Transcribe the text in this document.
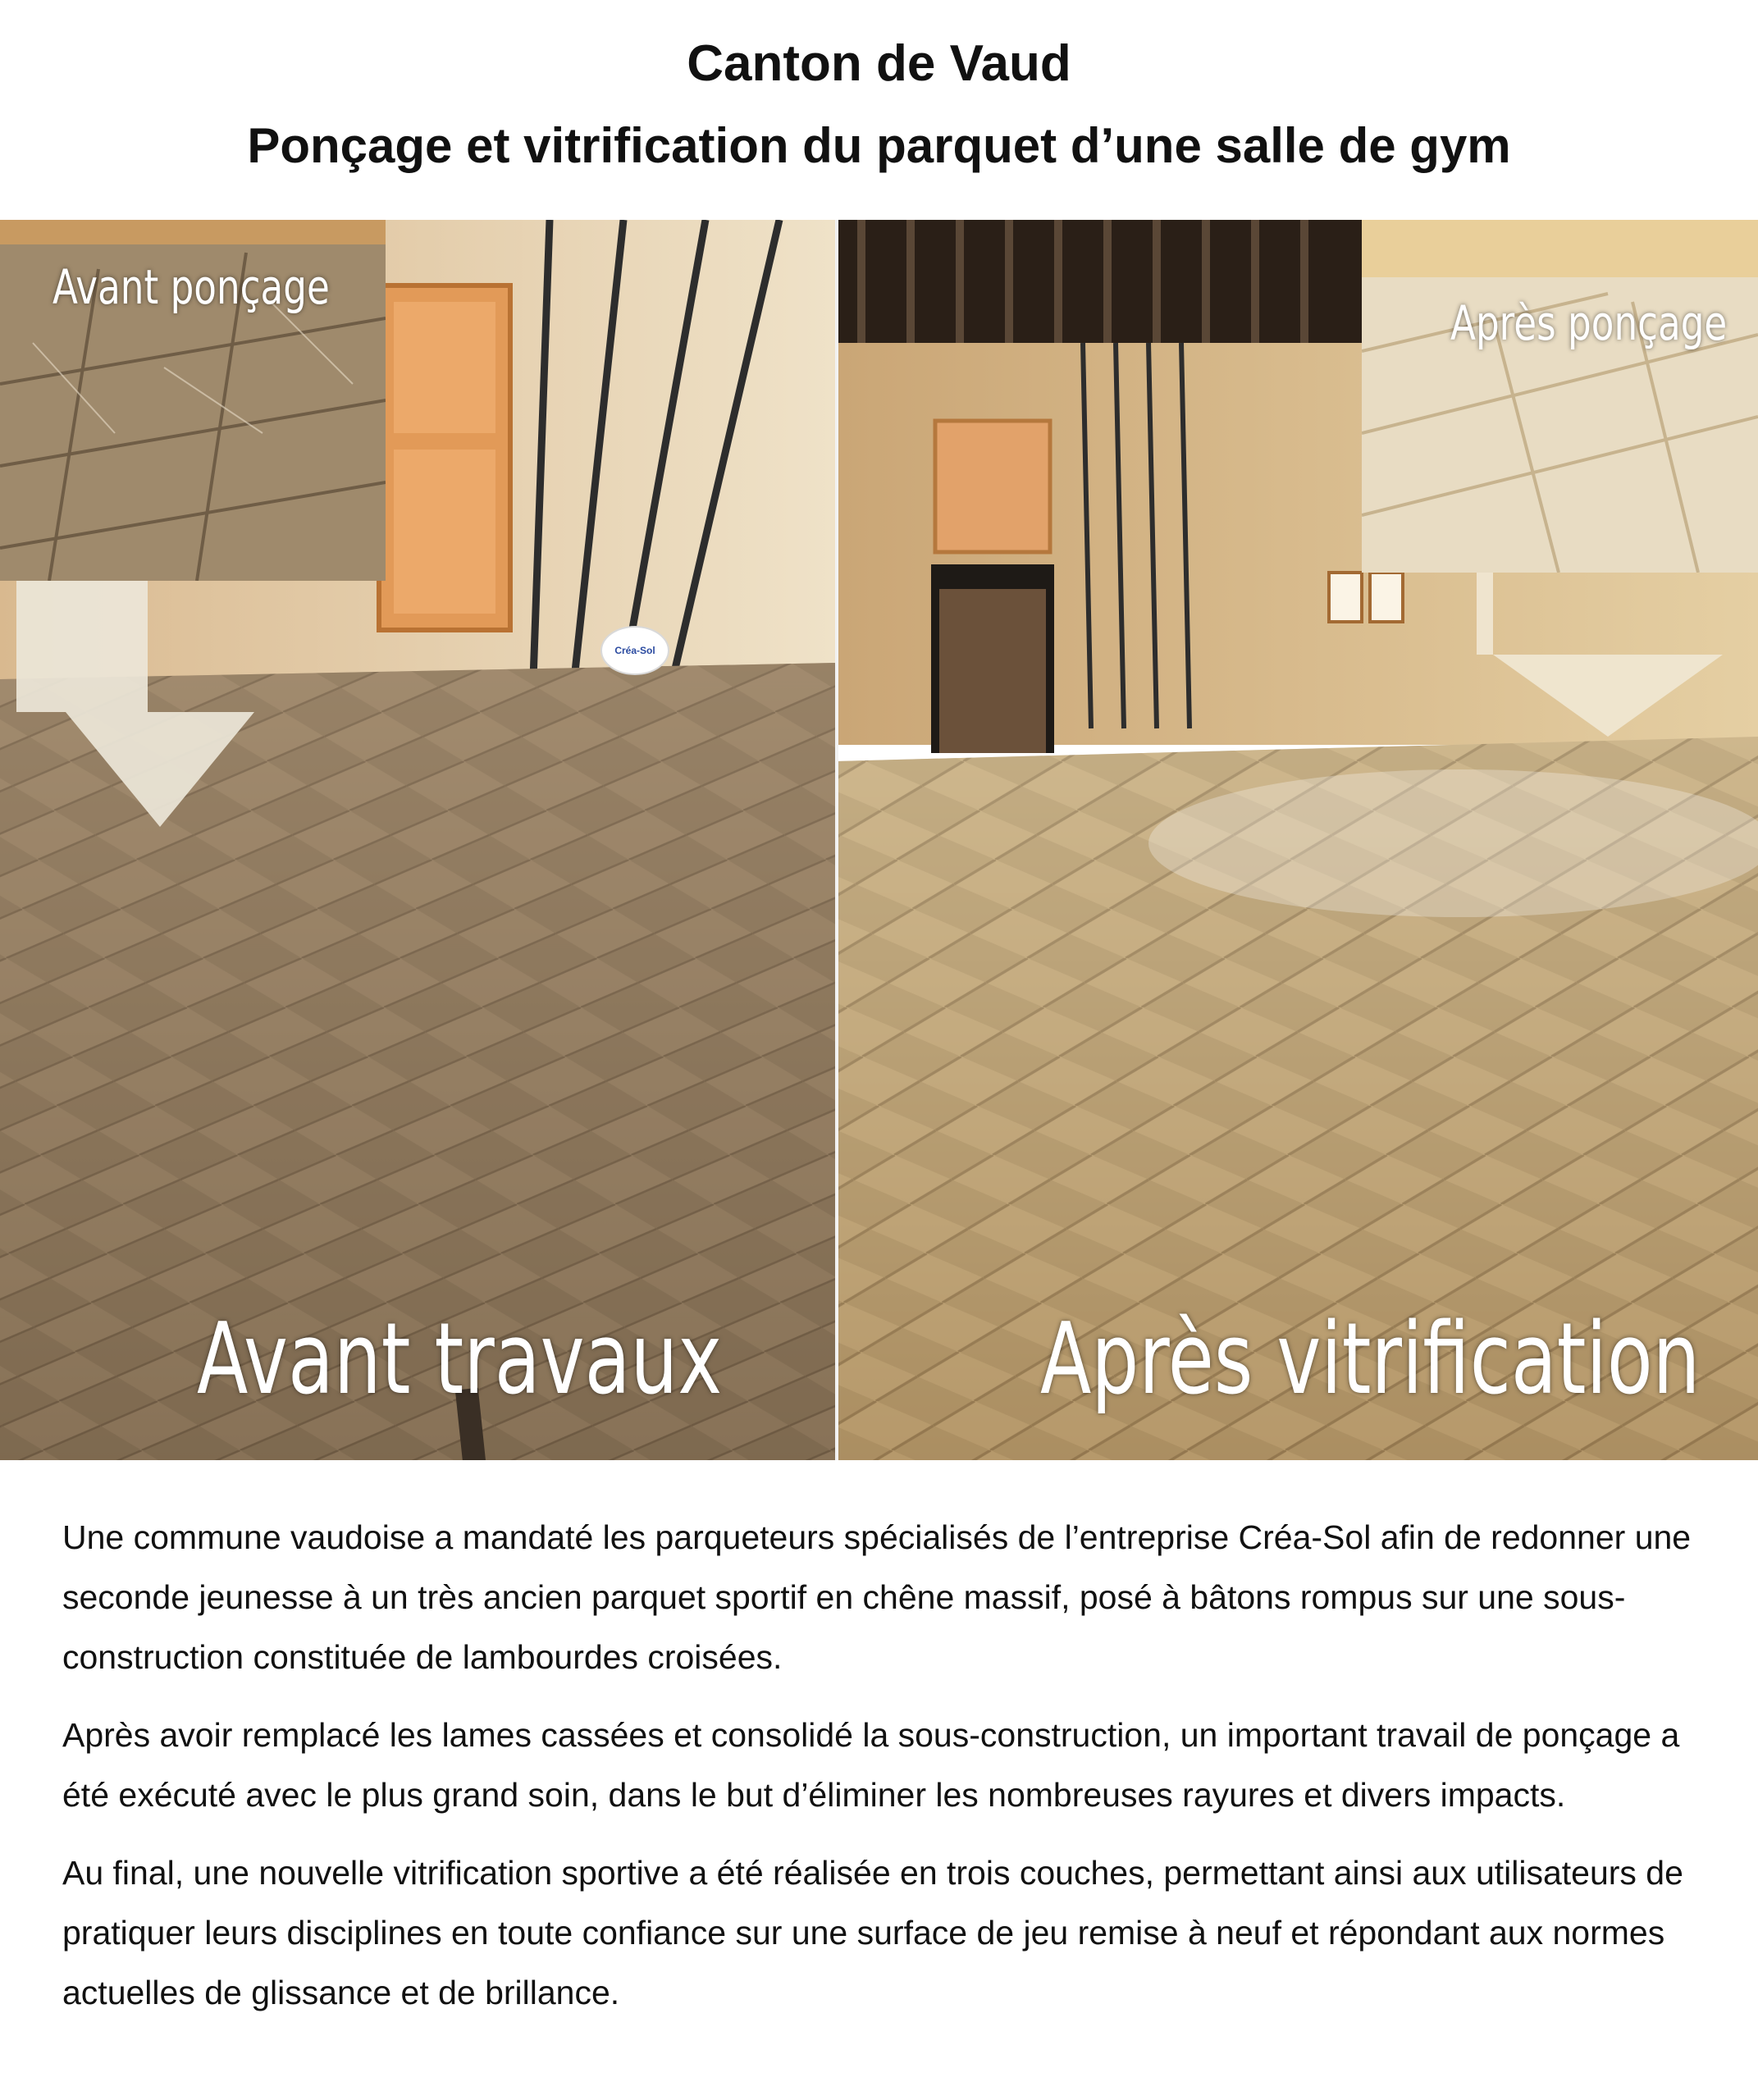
Canton de Vaud
Ponçage et vitrification du parquet d’une salle de gym
Créa-Sol
Avant ponçage
Après ponçage
Avant travaux	Après vitrification

Une commune vaudoise a mandaté les parqueteurs spécialisés de l’entreprise Créa-Sol afin de redonner une seconde jeunesse à un très ancien parquet sportif en chêne massif, posé à bâtons rompus sur une sous-construction constituée de lambourdes croisées.

Après avoir remplacé les lames cassées et consolidé la sous-construction, un important travail de ponçage a été exécuté avec le plus grand soin, dans le but d’éliminer les nombreuses rayures et divers impacts.

Au final, une nouvelle vitrification sportive a été réalisée en trois couches, permettant ainsi aux utilisateurs de pratiquer leurs disciplines en toute confiance sur une surface de jeu remise à neuf et répondant aux normes actuelles de glissance et de brillance.
